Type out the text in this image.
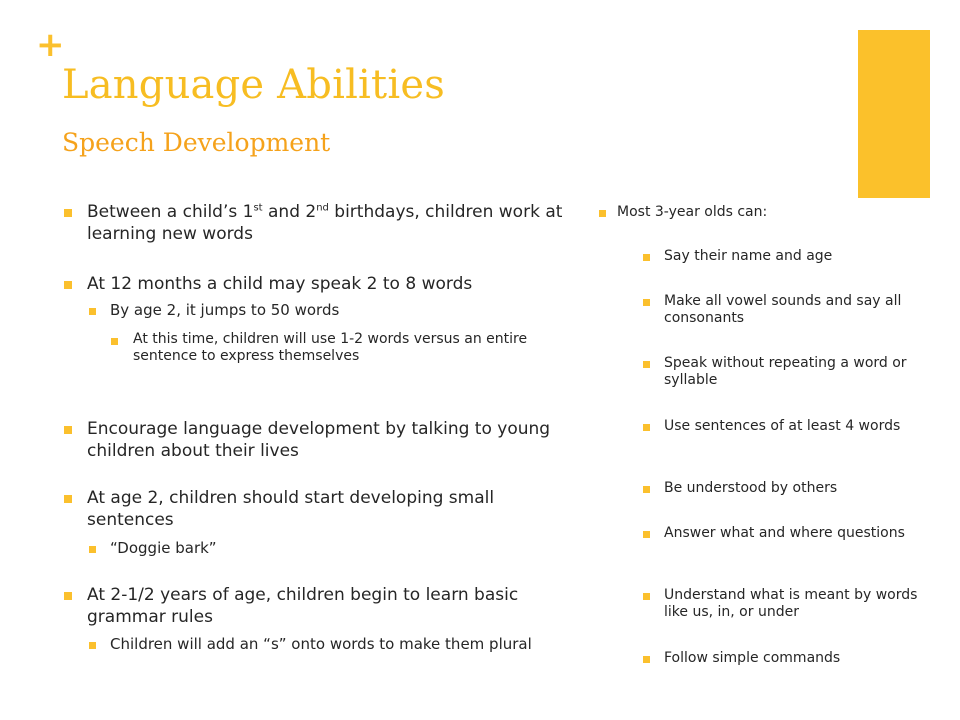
+
Language Abilities
Speech Development

Between a child’s 1st and 2nd birthdays, children work at learning new words

At 12 months a child may speak 2 to 8 words

By age 2, it jumps to 50 words

At this time, children will use 1-2 words versus an entire sentence to express themselves

Encourage language development by talking to young children about their lives

At age 2, children should start developing small sentences

“Doggie bark”

At 2-1/2 years of age, children begin to learn basic grammar rules

Children will add an “s” onto words to make them plural

Most 3-year olds can:

Say their name and age

Make all vowel sounds and say all consonants

Speak without repeating a word or syllable

Use sentences of at least 4 words

Be understood by others

Answer what and where questions

Understand what is meant by words like us, in, or under

Follow simple commands
